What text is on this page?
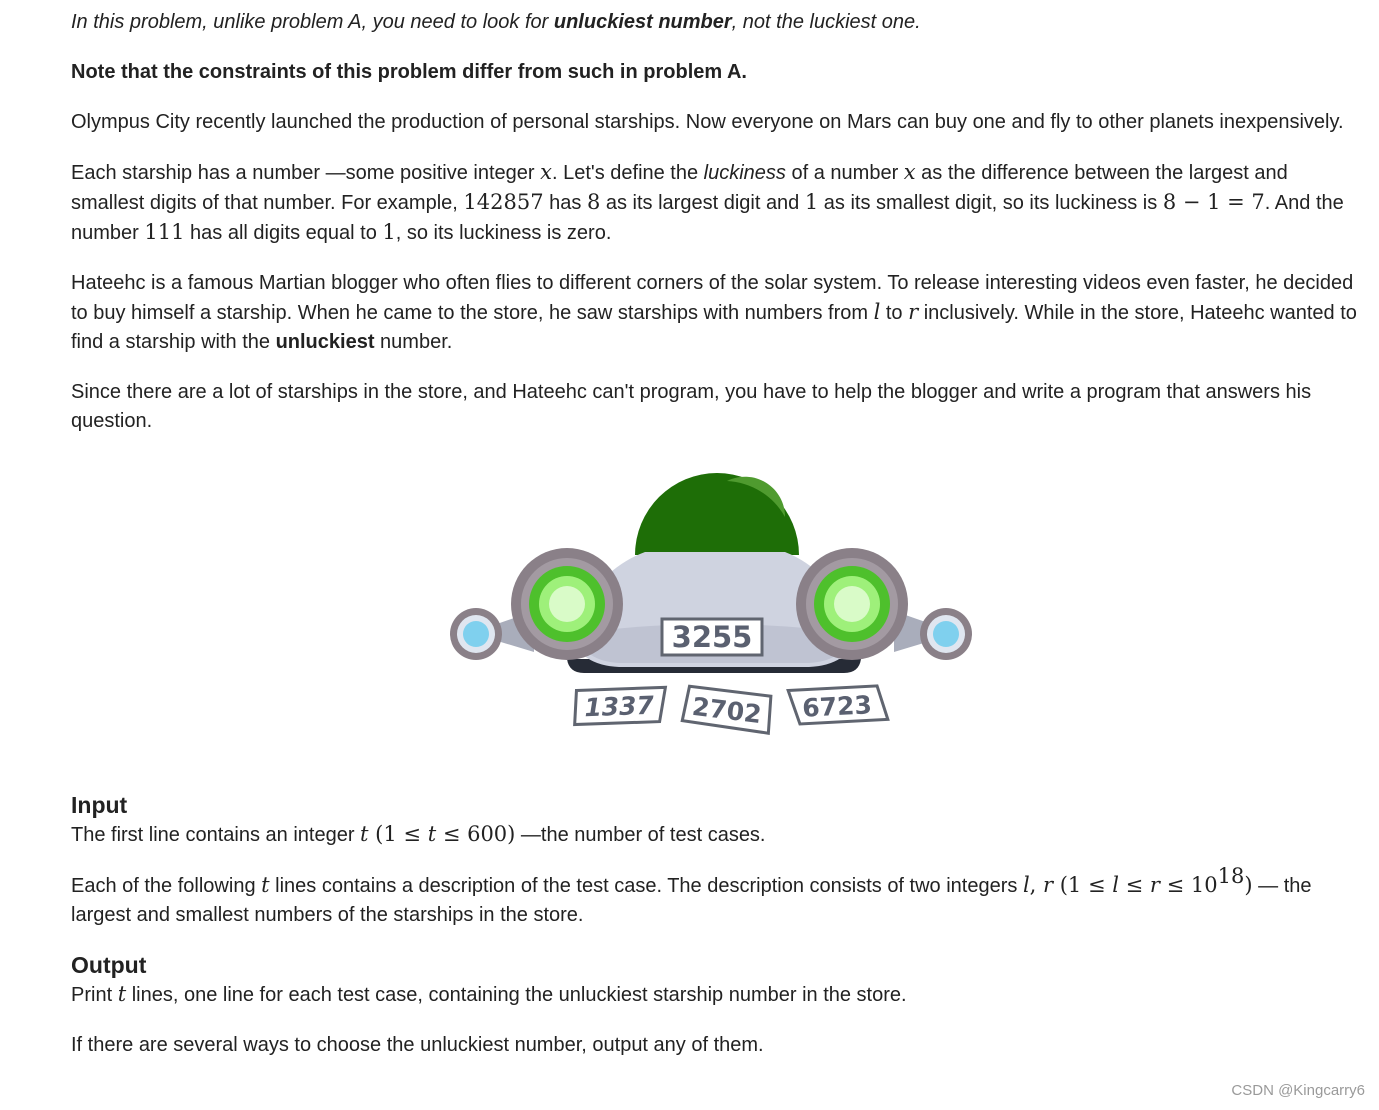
In this problem, unlike problem A, you need to look for unluckiest number, not the luckiest one.

Note that the constraints of this problem differ from such in problem A.

Olympus City recently launched the production of personal starships. Now everyone on Mars can buy one and fly to other planets inexpensively.

Each starship has a number —some positive integer x. Let's define the luckiness of a number x as the difference between the largest and smallest digits of that number. For example, 142857 has 8 as its largest digit and 1 as its smallest digit, so its luckiness is 8 − 1 = 7. And the number 111 has all digits equal to 1, so its luckiness is zero.

Hateehc is a famous Martian blogger who often flies to different corners of the solar system. To release interesting videos even faster, he decided to buy himself a starship. When he came to the store, he saw starships with numbers from l to r inclusively. While in the store, Hateehc wanted to find a starship with the unluckiest number.

Since there are a lot of starships in the store, and Hateehc can't program, you have to help the blogger and write a program that answers his question.

3255
1337 2702 6723
Input

The first line contains an integer t (1 ≤ t ≤ 600) —the number of test cases.

Each of the following t lines contains a description of the test case. The description consists of two integers l, r $(1 \le l \le r \le 10^{18})$ — the largest and smallest numbers of the starships in the store.

Output

Print t lines, one line for each test case, containing the unluckiest starship number in the store.

If there are several ways to choose the unluckiest number, output any of them.

CSDN @Kingcarry6
